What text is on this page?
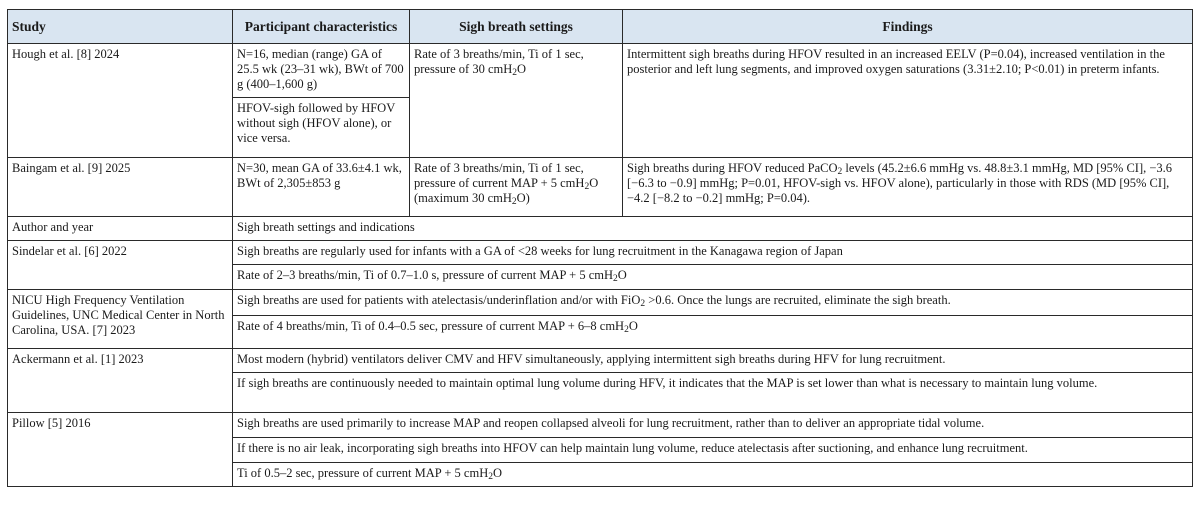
Study	Participant characteristics	Sigh breath settings	Findings
Hough et al. [8] 2024	N=16, median (range) GA of 25.5 wk (23–31 wk), BWt of 700 g (400–1,600 g)	Rate of 3 breaths/min, Ti of 1 sec, pressure of 30 cmH$_2$O	Intermittent sigh breaths during HFOV resulted in an increased EELV (P=0.04), increased ventilation in the posterior and left lung segments, and improved oxygen saturations (3.31±2.10; P<0.01) in preterm infants.
	HFOV-sigh followed by HFOV without sigh (HFOV alone), or vice versa.		
Baingam et al. [9] 2025	N=30, mean GA of 33.6±4.1 wk, BWt of 2,305±853 g	Rate of 3 breaths/min, Ti of 1 sec, pressure of current MAP + 5 cmH$_2$O (maximum 30 cmH$_2$O)	Sigh breaths during HFOV reduced PaCO$_2$ levels (45.2±6.6 mmHg vs. 48.8±3.1 mmHg, MD [95% CI], −3.6 [−6.3 to −0.9] mmHg; P=0.01, HFOV-sigh vs. HFOV alone), particularly in those with RDS (MD [95% CI], −4.2 [−8.2 to −0.2] mmHg; P=0.04).
Author and year	Sigh breath settings and indications		
Sindelar et al. [6] 2022	Sigh breaths are regularly used for infants with a GA of <28 weeks for lung recruitment in the Kanagawa region of Japan		
	Rate of 2–3 breaths/min, Ti of 0.7–1.0 s, pressure of current MAP + 5 cmH$_2$O		
NICU High Frequency Ventilation Guidelines, UNC Medical Center in North Carolina, USA. [7] 2023	Sigh breaths are used for patients with atelectasis/underinflation and/or with FiO$_2$ >0.6. Once the lungs are recruited, eliminate the sigh breath.		
	Rate of 4 breaths/min, Ti of 0.4–0.5 sec, pressure of current MAP + 6–8 cmH$_2$O		
Ackermann et al. [1] 2023	Most modern (hybrid) ventilators deliver CMV and HFV simultaneously, applying intermittent sigh breaths during HFV for lung recruitment.		
	If sigh breaths are continuously needed to maintain optimal lung volume during HFV, it indicates that the MAP is set lower than what is necessary to maintain lung volume.		
Pillow [5] 2016	Sigh breaths are used primarily to increase MAP and reopen collapsed alveoli for lung recruitment, rather than to deliver an appropriate tidal volume.		
	If there is no air leak, incorporating sigh breaths into HFOV can help maintain lung volume, reduce atelectasis after suctioning, and enhance lung recruitment.		
	Ti of 0.5–2 sec, pressure of current MAP + 5 cmH$_2$O		
